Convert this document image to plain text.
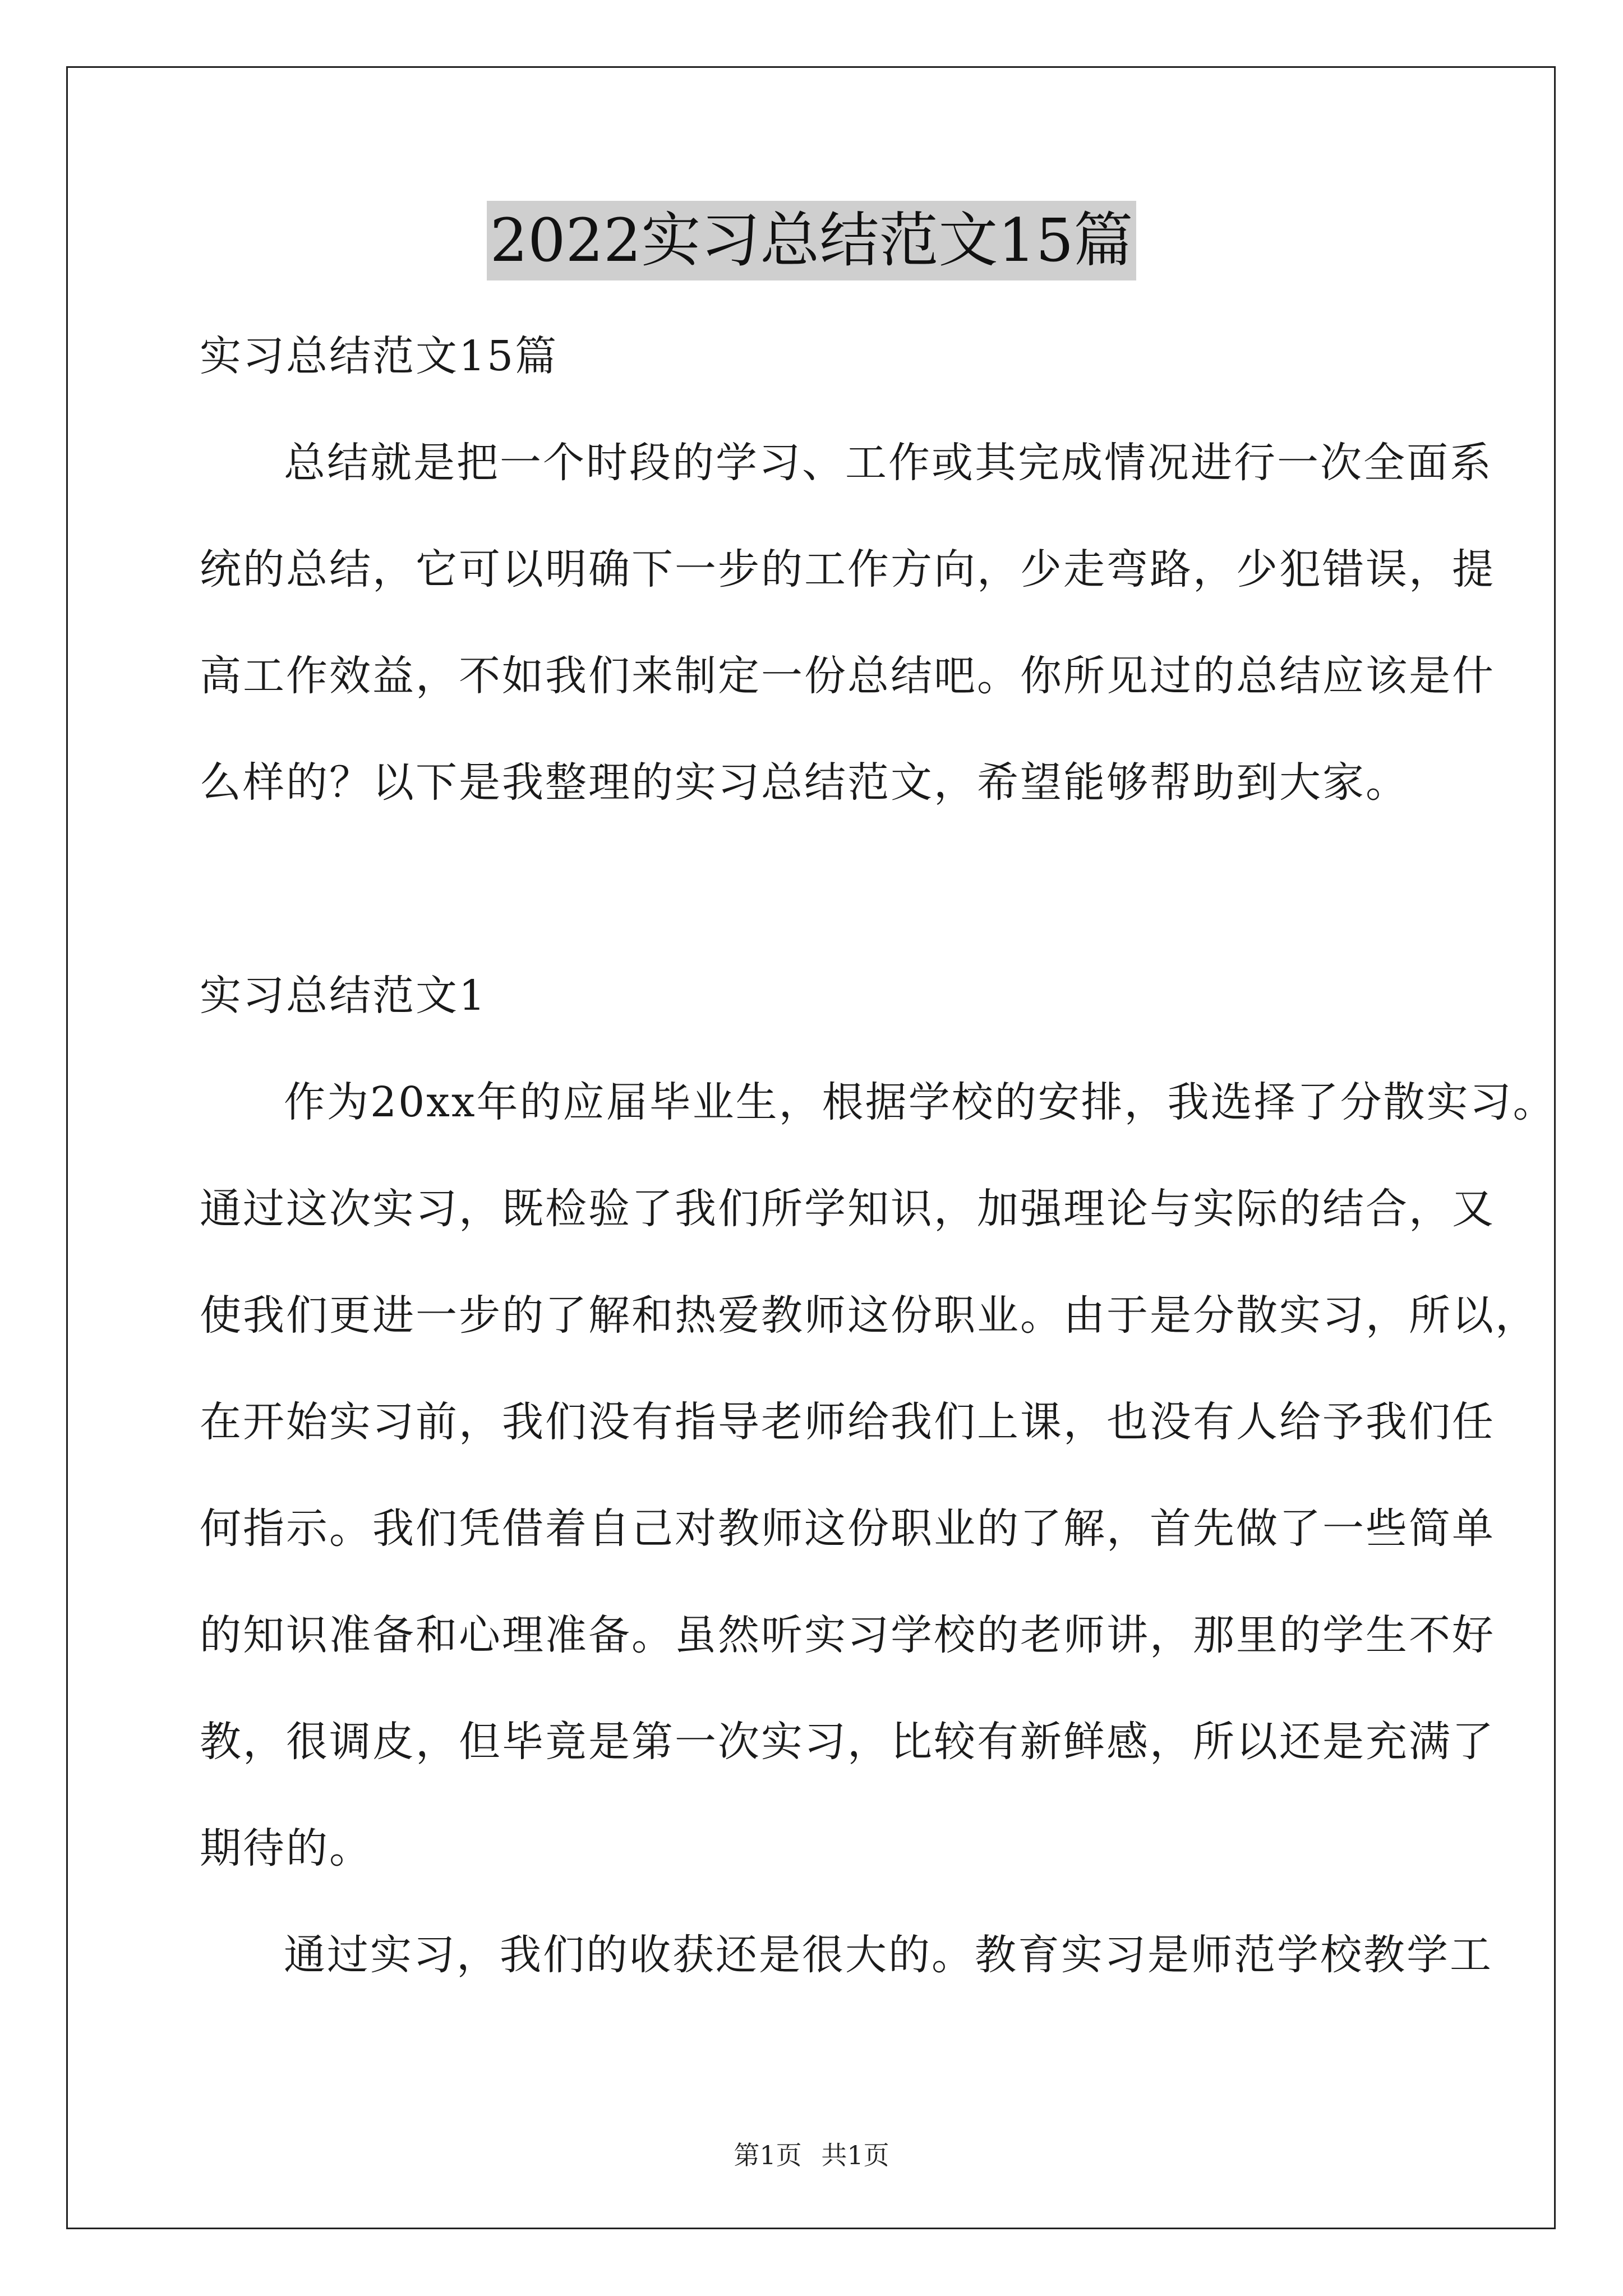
2022实习总结范文15篇
实习总结范文15篇
总结就是把一个时段的学习、工作或其完成情况进行一次全面系
统的总结，它可以明确下一步的工作方向，少走弯路，少犯错误，提
高工作效益，不如我们来制定一份总结吧。你所见过的总结应该是什
么样的？以下是我整理的实习总结范文，希望能够帮助到大家。
实习总结范文1
作为20xx年的应届毕业生，根据学校的安排，我选择了分散实习。
通过这次实习，既检验了我们所学知识，加强理论与实际的结合，又
使我们更进一步的了解和热爱教师这份职业。由于是分散实习，所以，
在开始实习前，我们没有指导老师给我们上课，也没有人给予我们任
何指示。我们凭借着自己对教师这份职业的了解，首先做了一些简单
的知识准备和心理准备。虽然听实习学校的老师讲，那里的学生不好
教，很调皮，但毕竟是第一次实习，比较有新鲜感，所以还是充满了
期待的。
通过实习，我们的收获还是很大的。教育实习是师范学校教学工
第1页 共1页
